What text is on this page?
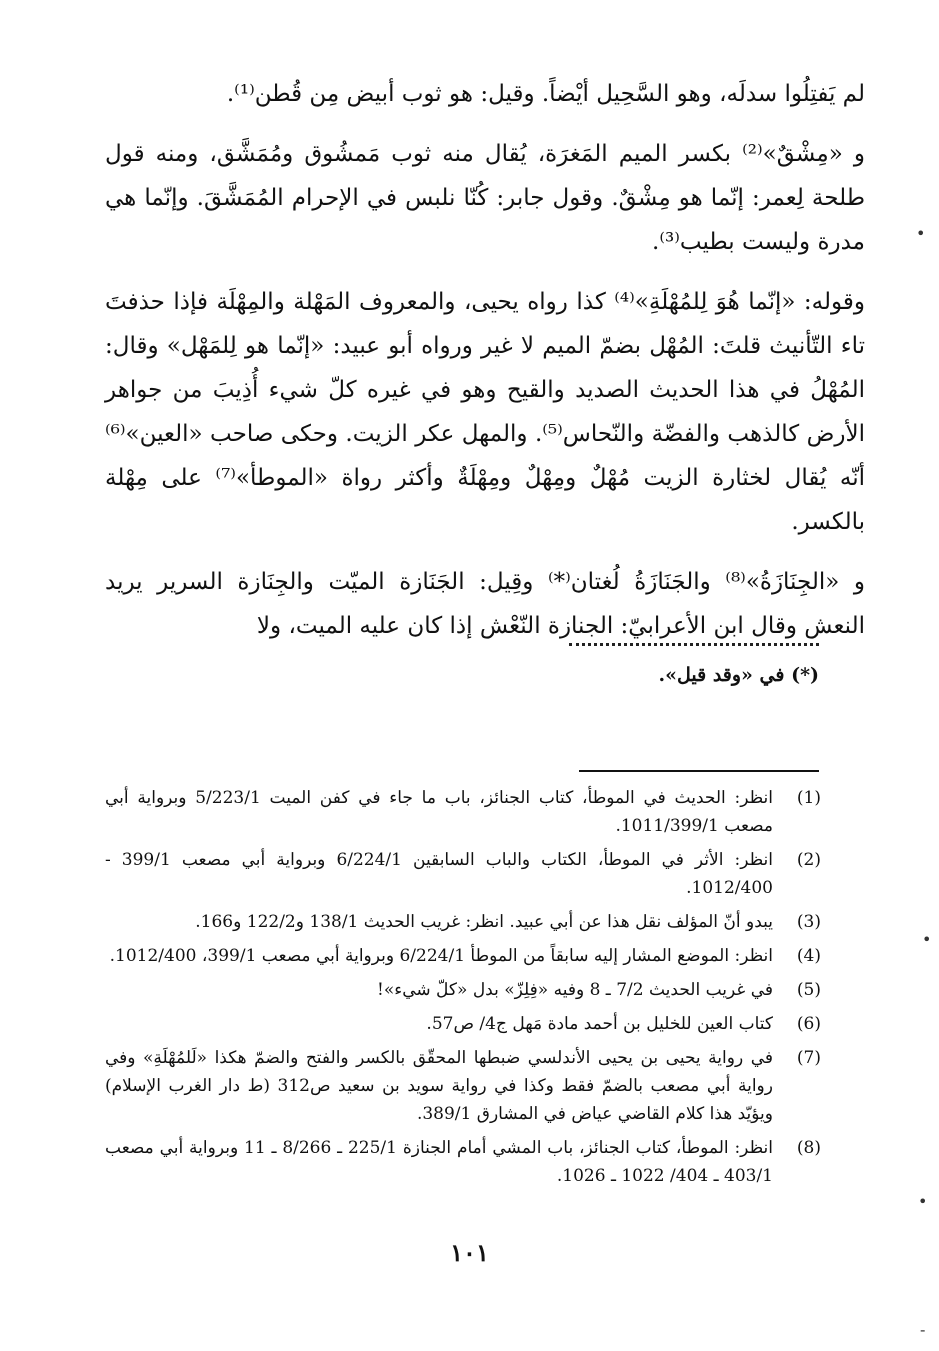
لم يَفتِلُوا سدلَه، وهو السَّحِيل أيْضاً. وقيل: هو ثوب أبيض مِن قُطن⁽¹⁾.

و «مِشْقٌ»⁽²⁾ بكسر الميم المَغرَة، يُقال منه ثوب مَمشُوق ومُمَشَّق، ومنه قول طلحة لِعمر: إنّما هو مِشْقٌ. وقول جابر: كُنّا نلبس في الإحرام المُمَشَّقَ. وإنّما هي مدرة وليست بطيب⁽³⁾.

وقوله: «إنّما هُوَ لِلمُهْلَةِ»⁽⁴⁾ كذا رواه يحيى، والمعروف المَهْلة والمِهْلَة فإذا حذفتَ تاء التّأنيث قلتَ: المُهْل بضمّ الميم لا غير ورواه أبو عبيد: «إنّما هو لِلمَهْل» وقال: المُهْلُ في هذا الحديث الصديد والقيح وهو في غيره كلّ شيء أُذِيبَ من جواهر الأرض كالذهب والفضّة والنّحاس⁽⁵⁾. والمهل عكر الزيت. وحكى صاحب «العين»⁽⁶⁾ أنّه يُقال لخثارة الزيت مُهْلٌ ومِهْلٌ ومِهْلَةٌ وأكثر رواة «الموطأ»⁽⁷⁾ على مِهْلة بالكسر.

و «الجِنَازَةُ»⁽⁸⁾ والجَنَازَةُ لُغتان⁽*⁾ وقِيل: الجَنَازة الميّت والجِنَازة السرير يريد النعش وقال ابن الأعرابيّ: الجنازة النّعْش إذا كان عليه الميت، ولا

(*) في «وقد قيل».
(1)
انظر: الحديث في الموطأ، كتاب الجنائز، باب ما جاء في كفن الميت 5/223/1 وبرواية أبي مصعب 1011/399/1.
(2)
انظر: الأثر في الموطأ، الكتاب والباب السابقين 6/224/1 وبرواية أبي مصعب 399/1 - 1012/400.
(3)
يبدو أنّ المؤلف نقل هذا عن أبي عبيد. انظر: غريب الحديث 138/1 و122/2 و166.
(4)
انظر: الموضع المشار إليه سابقاً من الموطأ 6/224/1 وبرواية أبي مصعب 399/1، 1012/400.
(5)
في غريب الحديث 7/2 ـ 8 وفيه «فِلِزّ» بدل «كلّ شيء»!
(6)
كتاب العين للخليل بن أحمد مادة مَهل ج4/ ص57.
(7)
في رواية يحيى بن يحيى الأندلسي ضبطها المحقّق بالكسر والفتح والضمّ هكذا «لَلمُهْلَةِ» وفي رواية أبي مصعب بالضمّ فقط وكذا في رواية سويد بن سعيد ص312 (ط دار الغرب الإسلام) ويؤيّد هذا كلام القاضي عياض في المشارق 389/1.
(8)
انظر: الموطأ، كتاب الجنائز، باب المشي أمام الجنازة 225/1 ـ 8/266 ـ 11 وبرواية أبي مصعب 403/1 ـ 404/ 1022 ـ 1026.
١٠١
•
•
•
-
